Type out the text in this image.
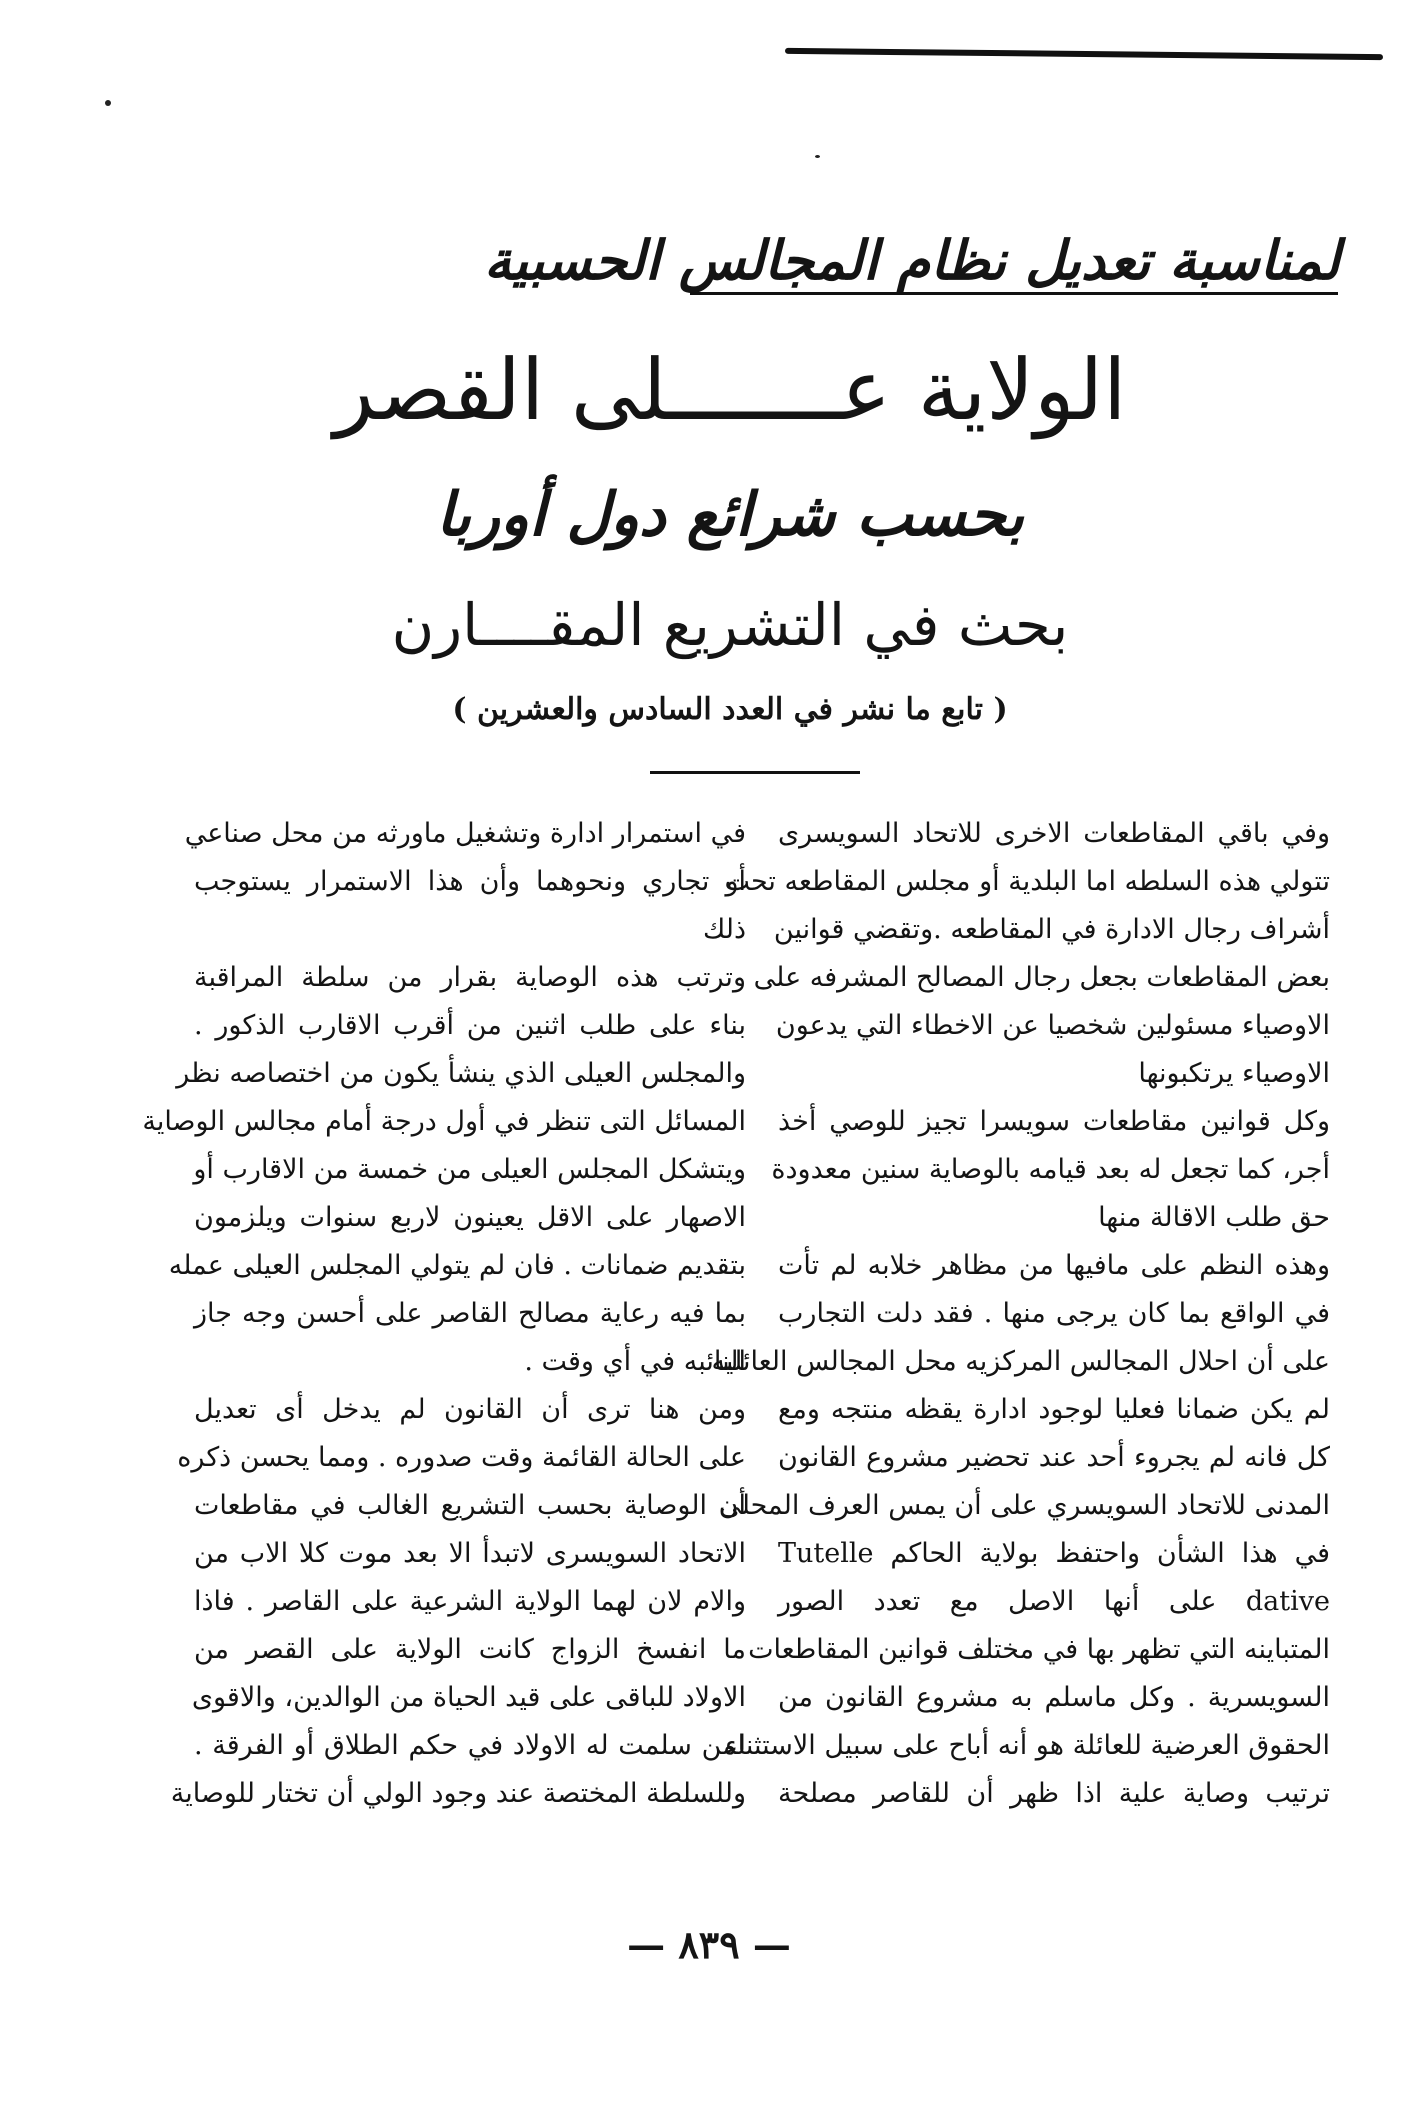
لمناسبة تعديل نظام المجالس الحسبية
الولاية عـــــــلى القصر
بحسب شرائع دول أوربا
بحث في التشريع المقــــارن
( تابع ما نشر في العدد السادس والعشرين )
وفي باقي المقاطعات الاخرى للاتحاد السويسرى
تتولي هذه السلطه اما البلدية أو مجلس المقاطعه تحت
أشراف رجال الادارة في المقاطعه .وتقضي قوانين
بعض المقاطعات بجعل رجال المصالح المشرفه على
الاوصياء مسئولين شخصيا عن الاخطاء التي يدعون
الاوصياء يرتكبونها
وكل قوانين مقاطعات سويسرا تجيز للوصي أخذ
أجر، كما تجعل له بعد قيامه بالوصاية سنين معدودة
حق طلب الاقالة منها
وهذه النظم على مافيها من مظاهر خلابه لم تأت
في الواقع بما كان يرجى منها . فقد دلت التجارب
على أن احلال المجالس المركزيه محل المجالس العائليه
لم يكن ضمانا فعليا لوجود ادارة يقظه منتجه ومع
كل فانه لم يجروء أحد عند تحضير مشروع القانون
المدنى للاتحاد السويسري على أن يمس العرف المحلى
في هذا الشأن واحتفظ بولاية الحاكم Tutelle
dative على أنها الاصل مع تعدد الصور
المتباينه التي تظهر بها في مختلف قوانين المقاطعات
السويسرية . وكل ماسلم به مشروع القانون من
الحقوق العرضية للعائلة هو أنه أباح على سبيل الاستثناء
ترتيب وصاية علية اذا ظهر أن للقاصر مصلحة
في استمرار ادارة وتشغيل ماورثه من محل صناعي
أو تجاري ونحوهما وأن هذا الاستمرار يستوجب
ذلك
وترتب هذه الوصاية بقرار من سلطة المراقبة
بناء على طلب اثنين من أقرب الاقارب الذكور .
والمجلس العيلى الذي ينشأ يكون من اختصاصه نظر
المسائل التى تنظر في أول درجة أمام مجالس الوصاية
ويتشكل المجلس العيلى من خمسة من الاقارب أو
الاصهار على الاقل يعينون لاربع سنوات ويلزمون
بتقديم ضمانات . فان لم يتولي المجلس العيلى عمله
بما فيه رعاية مصالح القاصر على أحسن وجه جاز
النائبه في أي وقت .
ومن هنا ترى أن القانون لم يدخل أى تعديل
على الحالة القائمة وقت صدوره . ومما يحسن ذكره
أن الوصاية بحسب التشريع الغالب في مقاطعات
الاتحاد السويسرى لاتبدأ الا بعد موت كلا الاب من
والام لان لهما الولاية الشرعية على القاصر . فاذا
ما انفسخ الزواج كانت الولاية على القصر من
الاولاد للباقى على قيد الحياة من الوالدين، والاقوى
لمن سلمت له الاولاد في حكم الطلاق أو الفرقة .
وللسلطة المختصة عند وجود الولي أن تختار للوصاية
— ٨٣٩ —
